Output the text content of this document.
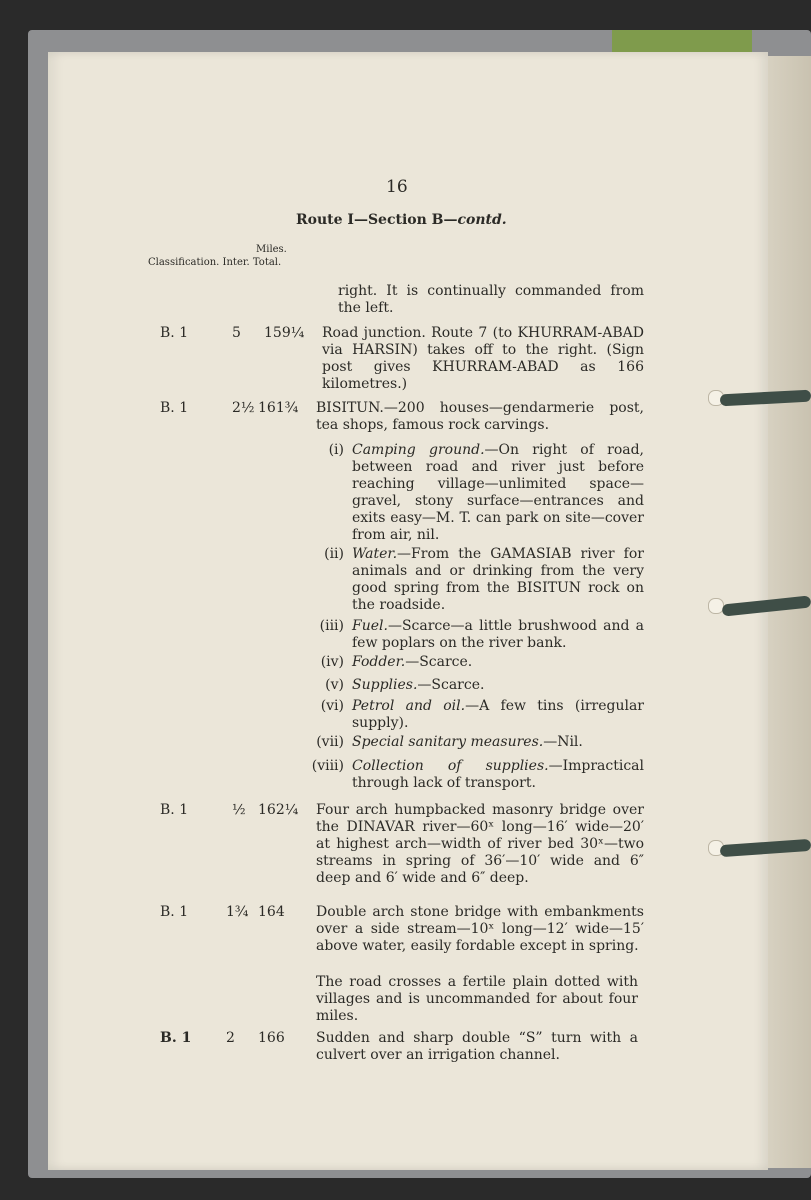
16
Route I—Section B—contd.
Miles.
Classification. Inter. Total.
right. It is continually commanded from the left.
B. 1	5 159¼ Road junction. Route 7 (to KHURRAM-ABAD via HARSIN) takes off to the right. (Sign post gives KHURRAM-ABAD as 166 kilometres.)
B. 1	2½ 161¾ BISITUN.—200 houses—gendarmerie post, tea shops, famous rock carvings.
(i) Camping ground.—On right of road, between road and river just before reaching village—unlimited space—gravel, stony surface—entrances and exits easy—M. T. can park on site—cover from air, nil.
(ii) Water.—From the GAMASIAB river for animals and or drinking from the very good spring from the BISITUN rock on the roadside.
(iii) Fuel.—Scarce—a little brushwood and a few poplars on the river bank.
(iv) Fodder.—Scarce.
(v) Supplies.—Scarce.
(vi) Petrol and oil.—A few tins (irregular supply).
(vii) Special sanitary measures.—Nil.
(viii) Collection of supplies.—Impractical through lack of transport.
B. 1	½ 162¼ Four arch humpbacked masonry bridge over the DINAVAR river—60ˣ long—16′ wide—20′ at highest arch—width of river bed 30ˣ—two streams in spring of 36′—10′ wide and 6″ deep and 6′ wide and 6″ deep.
B. 1	1¾ 164 Double arch stone bridge with embankments over a side stream—10ˣ long—12′ wide—15′ above water, easily fordable except in spring.
The road crosses a fertile plain dotted with villages and is uncommanded for about four miles.
B. 1 2 166 Sudden and sharp double “S” turn with a culvert over an irrigation channel.
